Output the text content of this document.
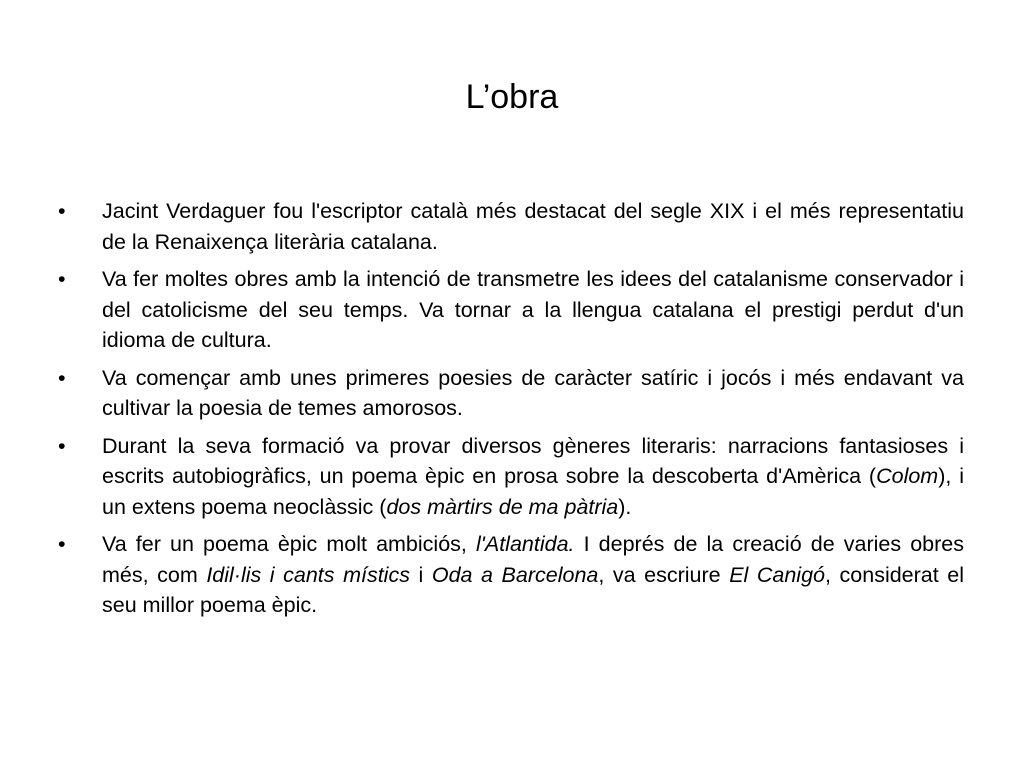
L’obra
• Jacint Verdaguer fou l'escriptor català més destacat del segle XIX i el més representatiu de la Renaixença literària catalana.
• Va fer moltes obres amb la intenció de transmetre les idees del catalanisme conservador i del catolicisme del seu temps. Va tornar a la llengua catalana el prestigi perdut d'un idioma de cultura.
• Va començar amb unes primeres poesies de caràcter satíric i jocós i més endavant va cultivar la poesia de temes amorosos.
• Durant la seva formació va provar diversos gèneres literaris: narracions fantasioses i escrits autobiogràfics, un poema èpic en prosa sobre la descoberta d'Amèrica (Colom), i un extens poema neoclàssic (dos màrtirs de ma pàtria).
• Va fer un poema èpic molt ambiciós, l'Atlantida. I deprés de la creació de varies obres més, com Idil·lis i cants místics i Oda a Barcelona, va escriure El Canigó, considerat el seu millor poema èpic.
